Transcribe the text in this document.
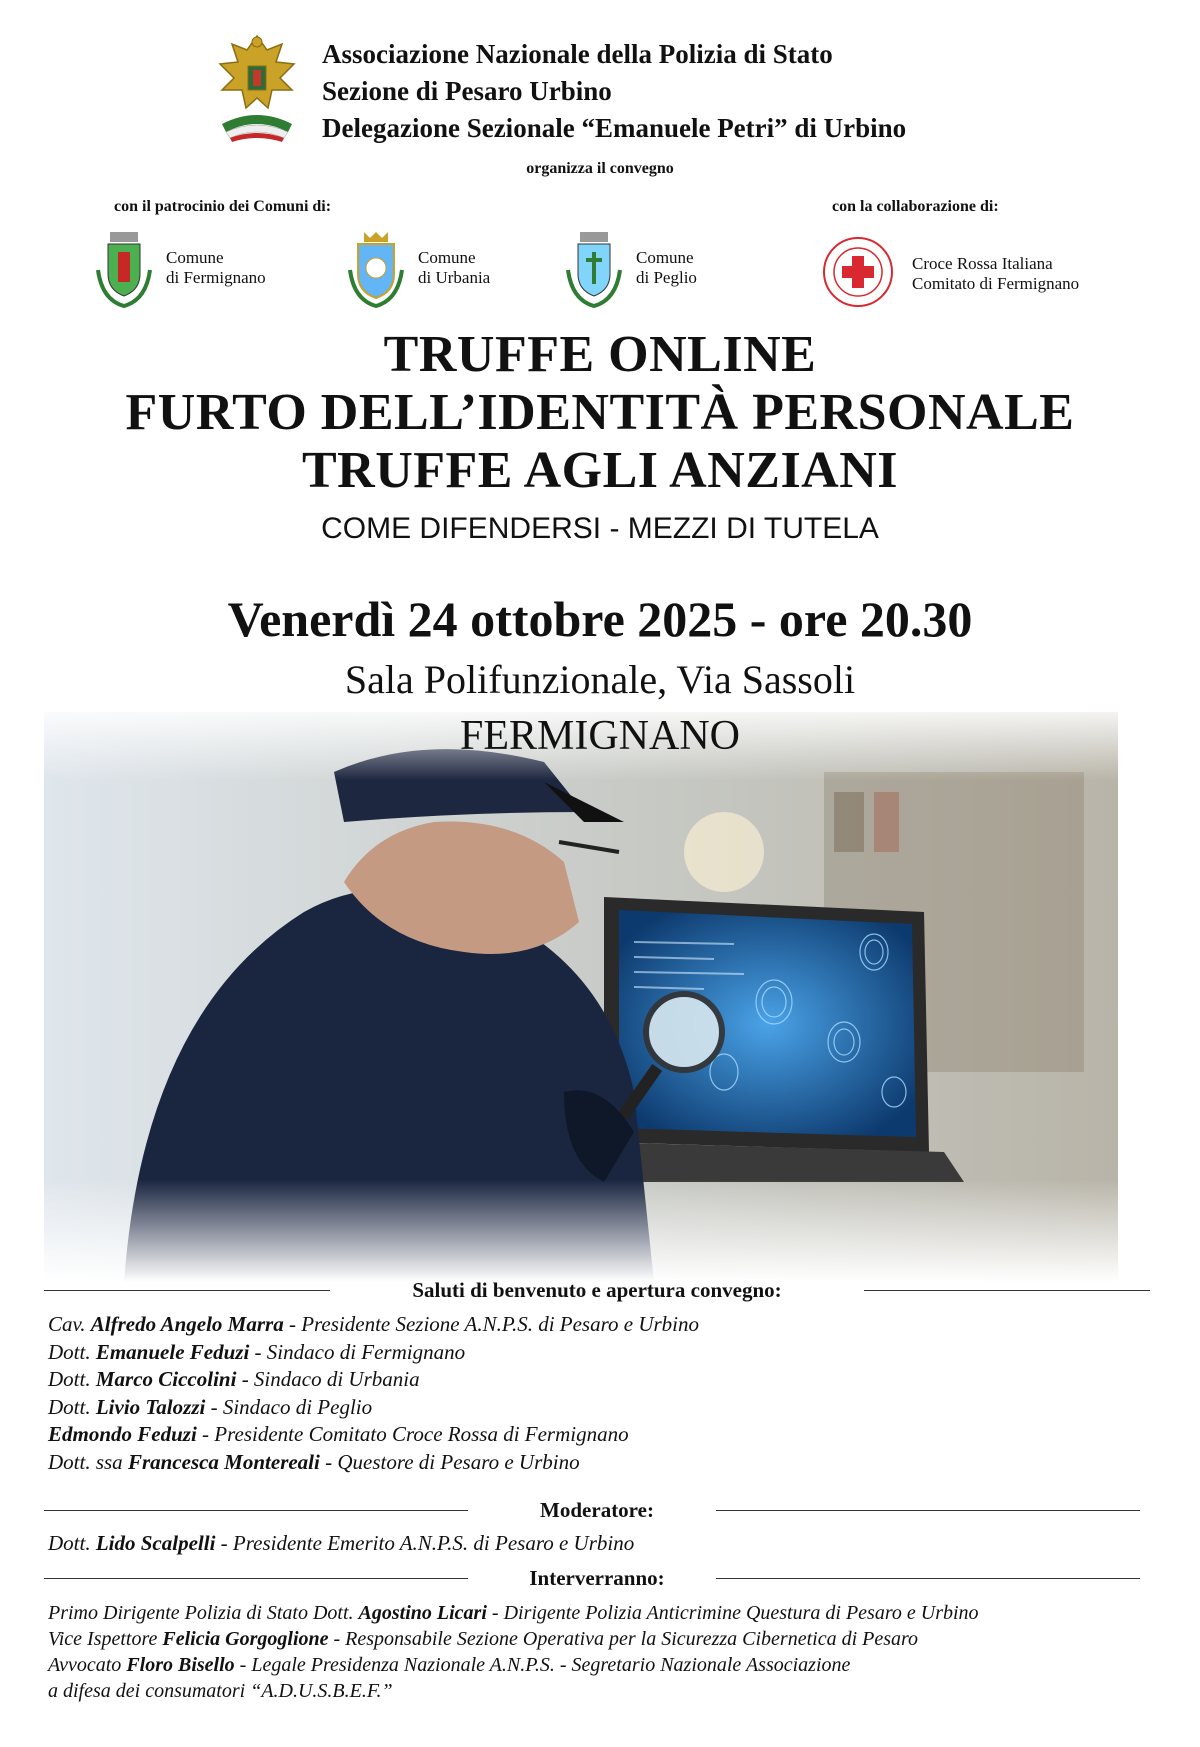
Associazione Nazionale della Polizia di Stato
Sezione di Pesaro Urbino
Delegazione Sezionale “Emanuele Petri” di Urbino
organizza il convegno
con il patrocinio dei Comuni di:	con la collaborazione di:
Comune
di Fermignano
Comune
di Urbania
Comune
di Peglio
Croce Rossa Italiana
Comitato di Fermignano
TRUFFE ONLINE
FURTO DELL’IDENTITÀ PERSONALE
TRUFFE AGLI ANZIANI
COME DIFENDERSI - MEZZI DI TUTELA
Venerdì 24 ottobre 2025 - ore 20.30
Sala Polifunzionale, Via Sassoli
FERMIGNANO
Saluti di benvenuto e apertura convegno:
Cav. Alfredo Angelo Marra - Presidente Sezione A.N.P.S. di Pesaro e Urbino
Dott. Emanuele Feduzi - Sindaco di Fermignano
Dott. Marco Ciccolini - Sindaco di Urbania
Dott. Livio Talozzi - Sindaco di Peglio
Edmondo Feduzi - Presidente Comitato Croce Rossa di Fermignano
Dott. ssa Francesca Montereali - Questore di Pesaro e Urbino
Moderatore:
Dott. Lido Scalpelli - Presidente Emerito A.N.P.S. di Pesaro e Urbino
Interverranno:
Primo Dirigente Polizia di Stato Dott. Agostino Licari - Dirigente Polizia Anticrimine Questura di Pesaro e Urbino
Vice Ispettore Felicia Gorgoglione - Responsabile Sezione Operativa per la Sicurezza Cibernetica di Pesaro
Avvocato Floro Bisello - Legale Presidenza Nazionale A.N.P.S. - Segretario Nazionale Associazione
a difesa dei consumatori “A.D.U.S.B.E.F.”
